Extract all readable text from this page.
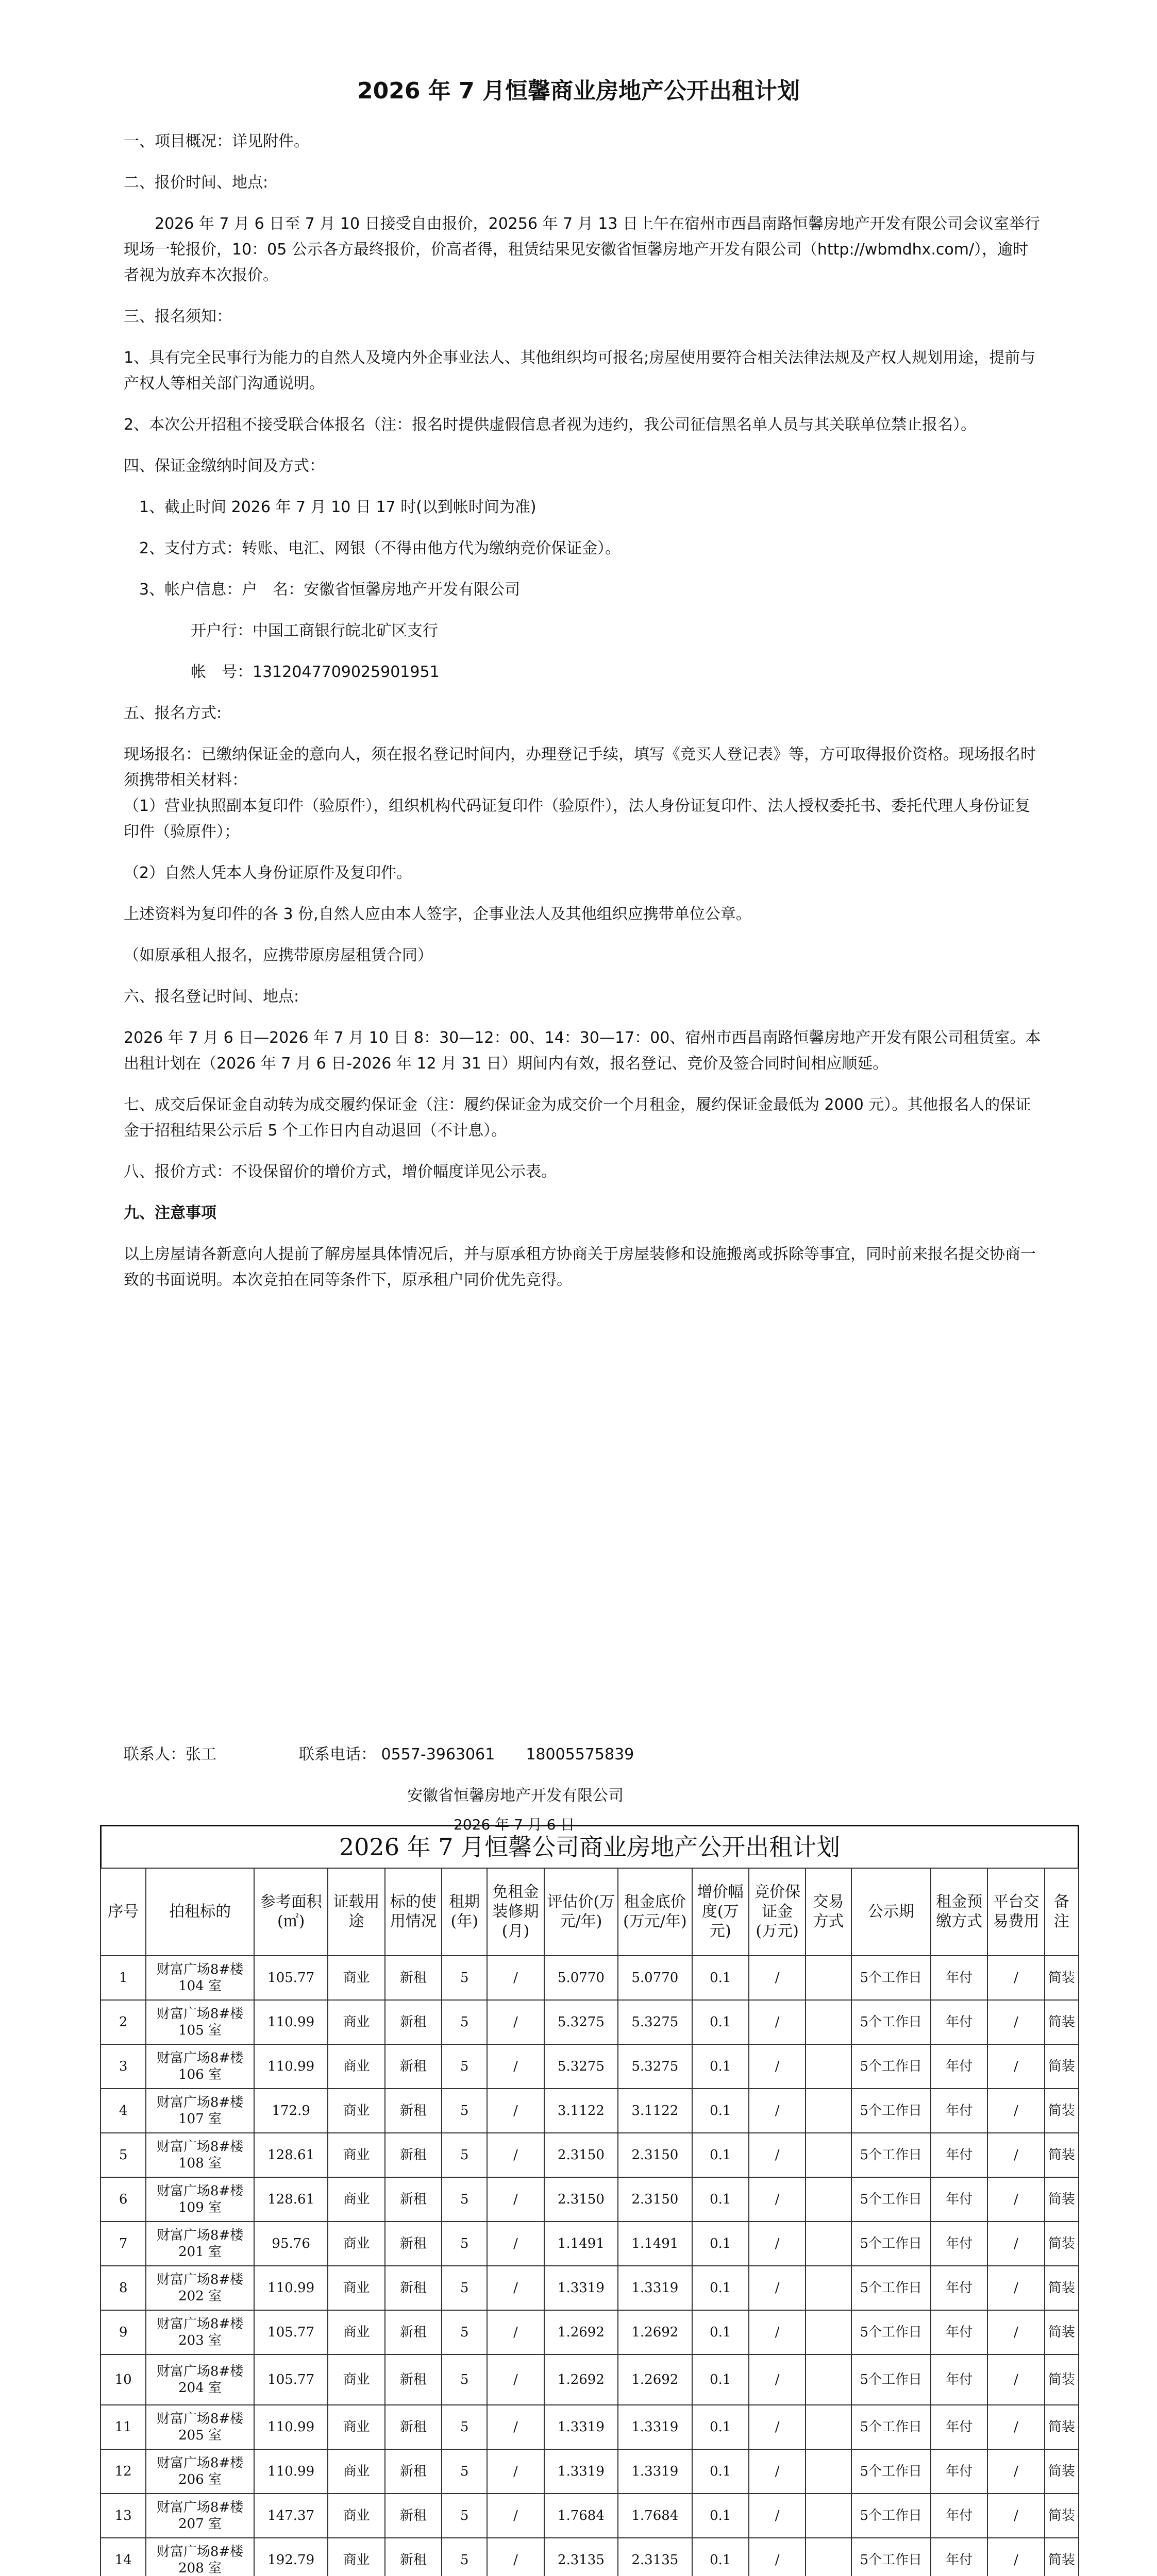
2026 年 7 月恒馨商业房地产公开出租计划

一、项目概况：详见附件。

二、报价时间、地点:

　　2026 年 7 月 6 日至 7 月 10 日接受自由报价，20256 年 7 月 13 日上午在宿州市西昌南路恒馨房地产开发有限公司会议室举行现场一轮报价，10：05 公示各方最终报价，价高者得，租赁结果见安徽省恒馨房地产开发有限公司（http://wbmdhx.com/），逾时者视为放弃本次报价。

三、报名须知：

1、具有完全民事行为能力的自然人及境内外企事业法人、其他组织均可报名;房屋使用要符合相关法律法规及产权人规划用途，提前与产权人等相关部门沟通说明。

2、本次公开招租不接受联合体报名（注：报名时提供虚假信息者视为违约，我公司征信黑名单人员与其关联单位禁止报名）。

四、保证金缴纳时间及方式：

1、截止时间 2026 年 7 月 10 日 17 时(以到帐时间为准)

2、支付方式：转账、电汇、网银（不得由他方代为缴纳竞价保证金）。

3、帐户信息：户　名：安徽省恒馨房地产开发有限公司

开户行：中国工商银行皖北矿区支行

帐　号：1312047709025901951

五、报名方式:

现场报名：已缴纳保证金的意向人，须在报名登记时间内，办理登记手续，填写《竞买人登记表》等，方可取得报价资格。现场报名时须携带相关材料：

（1）营业执照副本复印件（验原件），组织机构代码证复印件（验原件），法人身份证复印件、法人授权委托书、委托代理人身份证复印件（验原件）；

（2）自然人凭本人身份证原件及复印件。

上述资料为复印件的各 3 份,自然人应由本人签字，企事业法人及其他组织应携带单位公章。

（如原承租人报名，应携带原房屋租赁合同）

六、报名登记时间、地点:

2026 年 7 月 6 日—2026 年 7 月 10 日 8：30—12：00、14：30—17：00、宿州市西昌南路恒馨房地产开发有限公司租赁室。本出租计划在（2026 年 7 月 6 日-2026 年 12 月 31 日）期间内有效，报名登记、竞价及签合同时间相应顺延。

七、成交后保证金自动转为成交履约保证金（注：履约保证金为成交价一个月租金，履约保证金最低为 2000 元）。其他报名人的保证金于招租结果公示后 5 个工作日内自动退回（不计息）。

八、报价方式：不设保留价的增价方式，增价幅度详见公示表。

九、注意事项

以上房屋请各新意向人提前了解房屋具体情况后，并与原承租方协商关于房屋装修和设施搬离或拆除等事宜，同时前来报名提交协商一致的书面说明。本次竞拍在同等条件下，原承租户同价优先竞得。

联系人：张工	联系电话： 0557-3963061　　18005575839
安徽省恒馨房地产开发有限公司
2026 年 7 月 6 日
2026 年 7 月恒馨公司商业房地产公开出租计划
序号	拍租标的	参考面积(㎡)	证载用途	标的使用情况	租期(年)	免租金装修期(月)	评估价(万元/年)	租金底价(万元/年)	增价幅度(万元)	竞价保证金(万元)	交易方式	公示期	租金预缴方式	平台交易费用	备注
1	财富广场8#楼 104 室	105.77	商业	新租	5	/	5.0770	5.0770	0.1	/		5个工作日	年付	/	简装
2	财富广场8#楼 105 室	110.99	商业	新租	5	/	5.3275	5.3275	0.1	/		5个工作日	年付	/	简装
3	财富广场8#楼 106 室	110.99	商业	新租	5	/	5.3275	5.3275	0.1	/		5个工作日	年付	/	简装
4	财富广场8#楼 107 室	172.9	商业	新租	5	/	3.1122	3.1122	0.1	/		5个工作日	年付	/	简装
5	财富广场8#楼 108 室	128.61	商业	新租	5	/	2.3150	2.3150	0.1	/		5个工作日	年付	/	简装
6	财富广场8#楼 109 室	128.61	商业	新租	5	/	2.3150	2.3150	0.1	/		5个工作日	年付	/	简装
7	财富广场8#楼 201 室	95.76	商业	新租	5	/	1.1491	1.1491	0.1	/		5个工作日	年付	/	简装
8	财富广场8#楼 202 室	110.99	商业	新租	5	/	1.3319	1.3319	0.1	/		5个工作日	年付	/	简装
9	财富广场8#楼 203 室	105.77	商业	新租	5	/	1.2692	1.2692	0.1	/		5个工作日	年付	/	简装
10	财富广场8#楼 204 室	105.77	商业	新租	5	/	1.2692	1.2692	0.1	/		5个工作日	年付	/	简装
11	财富广场8#楼 205 室	110.99	商业	新租	5	/	1.3319	1.3319	0.1	/		5个工作日	年付	/	简装
12	财富广场8#楼 206 室	110.99	商业	新租	5	/	1.3319	1.3319	0.1	/		5个工作日	年付	/	简装
13	财富广场8#楼 207 室	147.37	商业	新租	5	/	1.7684	1.7684	0.1	/		5个工作日	年付	/	简装
14	财富广场8#楼 208 室	192.79	商业	新租	5	/	2.3135	2.3135	0.1	/		5个工作日	年付	/	简装
